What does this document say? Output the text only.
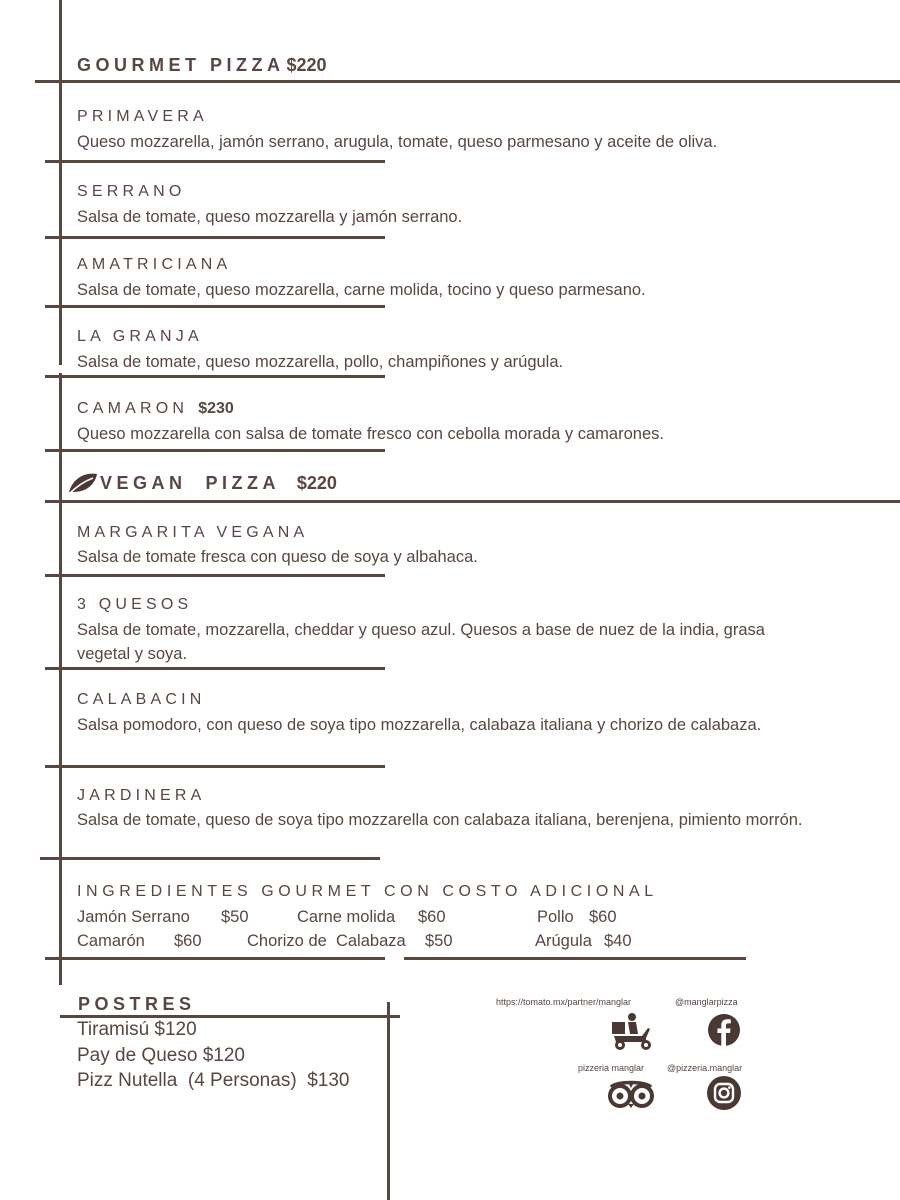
GOURMET PIZZA $220
PRIMAVERA
Queso mozzarella, jamón serrano, arugula, tomate, queso parmesano y aceite de oliva.
SERRANO
Salsa de tomate, queso mozzarella y jamón serrano.
AMATRICIANA
Salsa de tomate, queso mozzarella, carne molida, tocino y queso parmesano.
LA GRANJA
Salsa de tomate, queso mozzarella, pollo, champiñones y arúgula.
CAMARON $230
Queso mozzarella con salsa de tomate fresco con cebolla morada y camarones.
VEGAN  PIZZA $220
MARGARITA VEGANA
Salsa de tomate fresca con queso de soya y albahaca.
3 QUESOS
Salsa de tomate, mozzarella, cheddar y queso azul. Quesos a base de nuez de la india, grasa vegetal y soya.
CALABACIN
Salsa pomodoro, con queso de soya tipo mozzarella, calabaza italiana y chorizo de calabaza.
JARDINERA
Salsa de tomate, queso de soya tipo mozzarella con calabaza italiana, berenjena, pimiento morrón.
INGREDIENTES GOURMET CON COSTO ADICIONAL
Jamón Serrano $50	Carne molida $60	Pollo $60
Camarón $60	Chorizo de  Calabaza $50	Arúgula $40
POSTRES
Tiramisú $120
Pay de Queso $120
Pizz Nutella  (4 Personas)  $130
https://tomato.mx/partner/manglar	@manglarpizza
pizzeria manglar	@pizzeria.manglar
